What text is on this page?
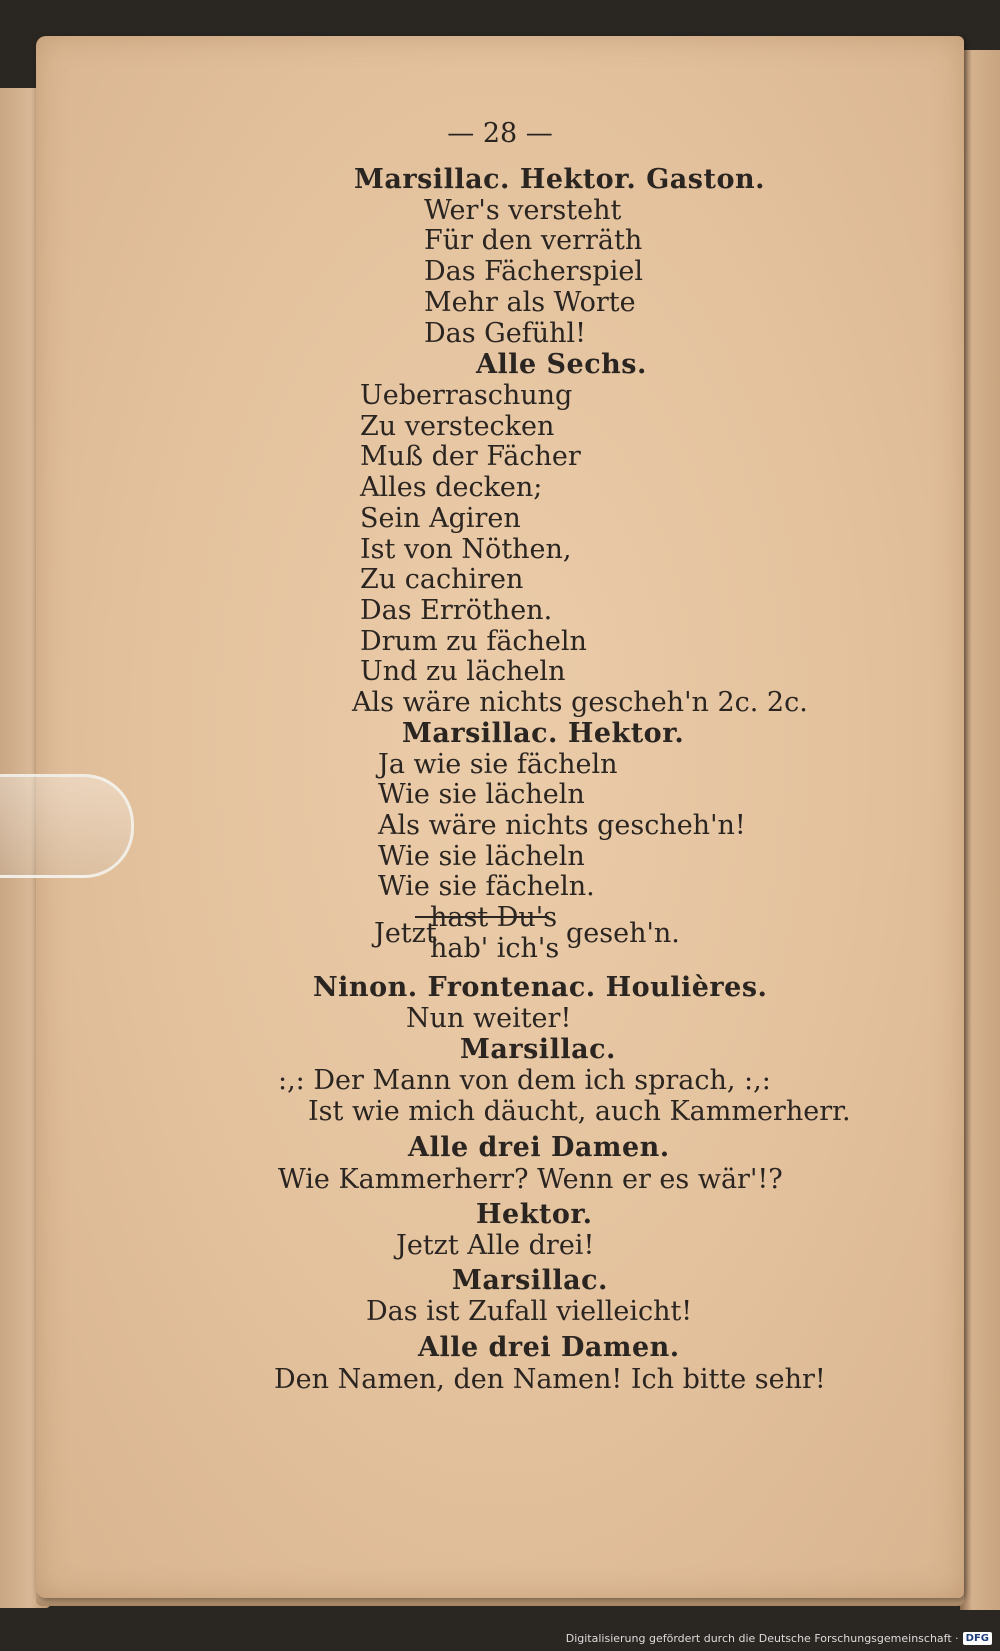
— 28 —
Marsillac. Hektor. Gaston.
Wer's versteht
Für den verräth
Das Fächerspiel
Mehr als Worte
Das Gefühl!
Alle Sechs.
Ueberraschung
Zu verstecken
Muß der Fächer
Alles decken;
Sein Agiren
Ist von Nöthen,
Zu cachiren
Das Erröthen.
Drum zu fächeln
Und zu lächeln
Als wäre nichts gescheh'n 2c. 2c.
Marsillac. Hektor.
Ja wie sie fächeln
Wie sie lächeln
Als wäre nichts gescheh'n!
Wie sie lächeln
Wie sie fächeln.
Jetzt
hast Du's
hab' ich's geseh'n.
Ninon. Frontenac. Houlières.
Nun weiter!
Marsillac.
:,: Der Mann von dem ich sprach, :,:
Ist wie mich däucht, auch Kammerherr.
Alle drei Damen.
Wie Kammerherr? Wenn er es wär'!?
Hektor.
Jetzt Alle drei!
Marsillac.
Das ist Zufall vielleicht!
Alle drei Damen.
Den Namen, den Namen! Ich bitte sehr!
Digitalisierung gefördert durch die Deutsche Forschungsgemeinschaft · DFG
